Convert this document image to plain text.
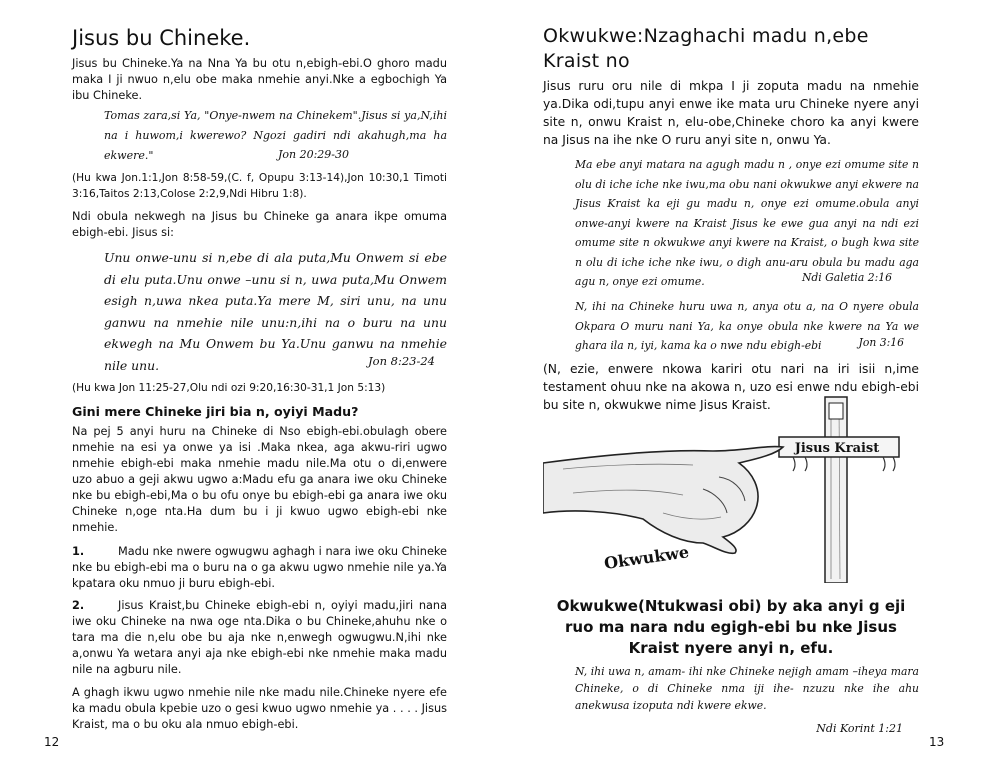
Jisus bu Chineke.

Jisus bu Chineke.Ya na Nna Ya bu otu n,ebigh-ebi.O ghoro madu maka I ji nwuo n,elu obe maka nmehie anyi.Nke a egbochigh Ya ibu Chineke.

Tomas zara,si Ya, "Onye-nwem na Chinekem".Jisus si ya,N,ihi na i huwom,i kwerewo? Ngozi gadiri ndi akahugh,ma ha ekwere."	Jon 20:29-30

(Hu kwa Jon.1:1,Jon 8:58-59,(C. f, Opupu 3:13-14),Jon 10:30,1 Timoti 3:16,Taitos 2:13,Colose 2:2,9,Ndi Hibru 1:8).

Ndi obula nekwegh na Jisus bu Chineke ga anara ikpe omuma ebigh-ebi. Jisus si:

Unu onwe-unu si n,ebe di ala puta,Mu Onwem si ebe di elu puta.Unu onwe –unu si n, uwa puta,Mu Onwem esigh n,uwa nkea puta.Ya mere M, siri unu, na unu ganwu na nmehie nile unu:n,ihi na o buru na unu ekwegh na Mu Onwem bu Ya.Unu ganwu na nmehie nile unu.	Jon 8:23-24

(Hu kwa Jon 11:25-27,Olu ndi ozi 9:20,16:30-31,1 Jon 5:13)

Gini mere Chineke jiri bia n, oyiyi Madu?

Na pej 5 anyi huru na Chineke di Nso ebigh-ebi.obulagh obere nmehie na esi ya onwe ya isi .Maka nkea, aga akwu-riri ugwo nmehie ebigh-ebi maka nmehie madu nile.Ma otu o di,enwere uzo abuo a geji akwu ugwo a:Madu efu ga anara iwe oku Chineke nke bu ebigh-ebi,Ma o bu ofu onye bu ebigh-ebi ga anara iwe oku Chineke n,oge nta.Ha dum bu i ji kwuo ugwo ebigh-ebi nke nmehie.

1.	Madu nke nwere ogwugwu aghagh i nara iwe oku Chineke nke bu ebigh-ebi ma o buru na o ga akwu ugwo nmehie nile ya.Ya kpatara oku nmuo ji buru ebigh-ebi.

2.	Jisus Kraist,bu Chineke ebigh-ebi n, oyiyi madu,jiri nana iwe oku Chineke na nwa oge nta.Dika o bu Chineke,ahuhu nke o tara ma die n,elu obe bu aja nke n,enwegh ogwugwu.N,ihi nke a,onwu Ya wetara anyi aja nke ebigh-ebi nke nmehie maka madu nile na agburu nile.

A ghagh ikwu ugwo nmehie nile nke madu nile.Chineke nyere efe ka madu obula kpebie uzo o gesi kwuo ugwo nmehie ya . . . . Jisus Kraist, ma o bu oku ala nmuo ebigh-ebi.

12
Okwukwe:Nzaghachi madu n,ebe Kraist no

Jisus ruru oru nile di mkpa I ji zoputa madu na nmehie ya.Dika odi,tupu anyi enwe ike mata uru Chineke nyere anyi site n, onwu Kraist n, elu-obe,Chineke choro ka anyi kwere na Jisus na ihe nke O ruru anyi site n, onwu Ya.

Ma ebe anyi matara na agugh madu n , onye ezi omume site n olu di iche iche nke iwu,ma obu nani okwukwe anyi ekwere na Jisus Kraist ka eji gu madu n, onye ezi omume.obula anyi onwe-anyi kwere na Kraist Jisus ke ewe gua anyi na ndi ezi omume site n okwukwe anyi kwere na Kraist, o bugh kwa site n olu di iche iche nke iwu, o digh anu-aru obula bu madu aga agu n, onye ezi omume.	Ndi Galetia 2:16

N, ihi na Chineke huru uwa n, anya otu a, na O nyere obula Okpara O muru nani Ya, ka onye obula nke kwere na Ya we ghara ila n, iyi, kama ka o nwe ndu ebigh-ebi	Jon 3:16

(N, ezie, enwere nkowa kariri otu nari na iri isii n,ime testament ohuu nke na akowa n, uzo esi enwe ndu ebigh-ebi bu site n, okwukwe nime Jisus Kraist.

Jisus Kraist
Okwukwe

Okwukwe(Ntukwasi obi) by aka anyi g eji ruo ma nara ndu egigh-ebi bu nke Jisus Kraist nyere anyi n, efu.

N, ihi uwa n, amam- ihi nke Chineke nejigh amam –iheya mara Chineke, o di Chineke nma iji ihe- nzuzu nke ihe ahu anekwusa izoputa ndi kwere ekwe.

Ndi Korint 1:21
13
